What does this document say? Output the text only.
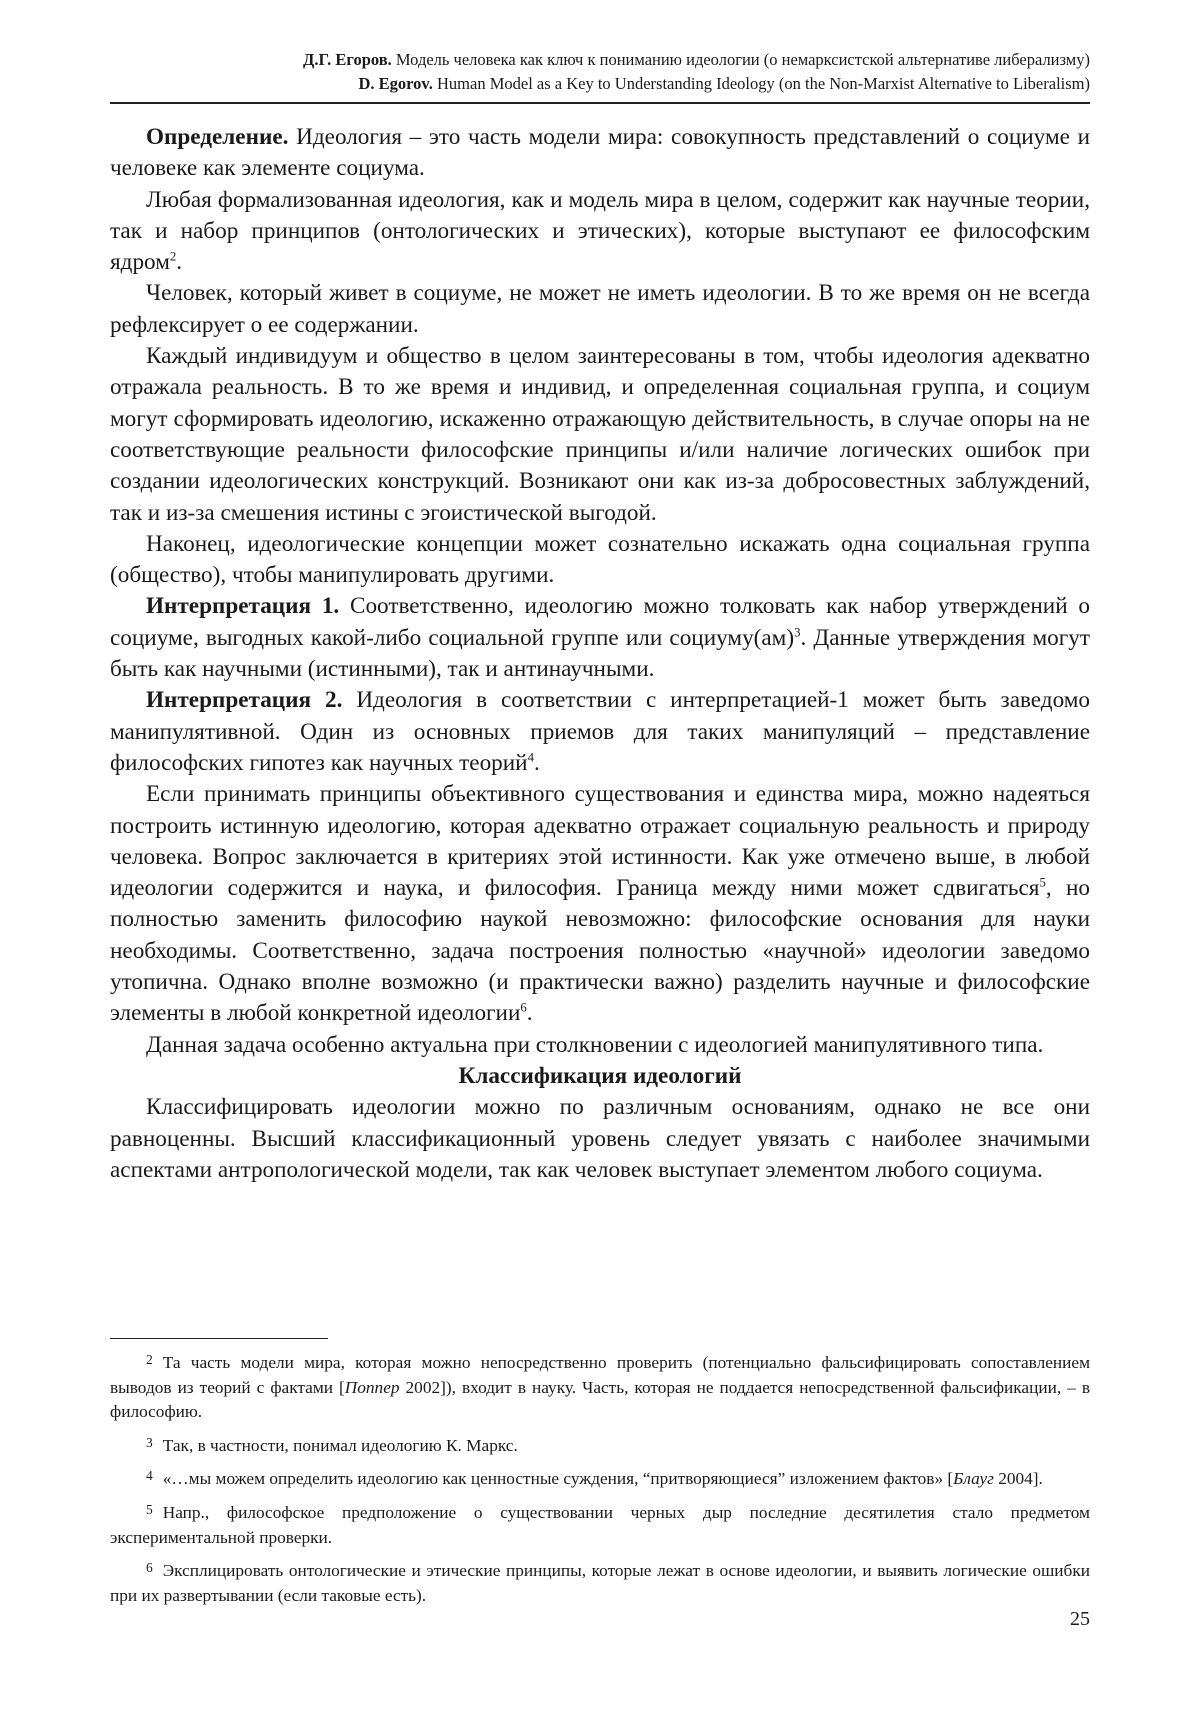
Д.Г. Егоров. Модель человека как ключ к пониманию идеологии (о немарксистской альтернативе либерализму)
D. Egorov. Human Model as a Key to Understanding Ideology (on the Non-Marxist Alternative to Liberalism)

Определение. Идеология – это часть модели мира: совокупность представлений о социуме и человеке как элементе социума.

Любая формализованная идеология, как и модель мира в целом, содержит как научные теории, так и набор принципов (онтологических и этических), которые выступают ее философским ядром$^2$.

Человек, который живет в социуме, не может не иметь идеологии. В то же время он не всегда рефлексирует о ее содержании.

Каждый индивидуум и общество в целом заинтересованы в том, чтобы идеология адекватно отражала реальность. В то же время и индивид, и определенная социальная группа, и социум могут сформировать идеологию, искаженно отражающую действительность, в случае опоры на не соответствующие реальности философские принципы и/или наличие логических ошибок при создании идеологических конструкций. Возникают они как из-за добросовестных заблуждений, так и из-за смешения истины с эгоистической выгодой.

Наконец, идеологические концепции может сознательно искажать одна социальная группа (общество), чтобы манипулировать другими.

Интерпретация 1. Соответственно, идеологию можно толковать как набор утверждений о социуме, выгодных какой-либо социальной группе или социуму(ам)$^3$. Данные утверждения могут быть как научными (истинными), так и антинаучными.

Интерпретация 2. Идеология в соответствии с интерпретацией-1 может быть заведомо манипулятивной. Один из основных приемов для таких манипуляций – представление философских гипотез как научных теорий$^4$.

Если принимать принципы объективного существования и единства мира, можно надеяться построить истинную идеологию, которая адекватно отражает социальную реальность и природу человека. Вопрос заключается в критериях этой истинности. Как уже отмечено выше, в любой идеологии содержится и наука, и философия. Граница между ними может сдвигаться$^5$, но полностью заменить философию наукой невозможно: философские основания для науки необходимы. Соответственно, задача построения полностью «научной» идеологии заведомо утопична. Однако вполне возможно (и практически важно) разделить научные и философские элементы в любой конкретной идеологии$^6$.

Данная задача особенно актуальна при столкновении с идеологией манипулятивного типа.

Классификация идеологий

Классифицировать идеологии можно по различным основаниям, однако не все они равноценны. Высший классификационный уровень следует увязать с наиболее значимыми аспектами антропологической модели, так как человек выступает элементом любого социума.

$^2$ Та часть модели мира, которая можно непосредственно проверить (потенциально фальсифицировать сопоставлением выводов из теорий с фактами [Поппер 2002]), входит в науку. Часть, которая не поддается непосредственной фальсификации, – в философию.

$^3$ Так, в частности, понимал идеологию К. Маркс.

$^4$ «…мы можем определить идеологию как ценностные суждения, “притворяющиеся” изложением фактов» [Блауг 2004].

$^5$ Напр., философское предположение о существовании черных дыр последние десятилетия стало предметом экспериментальной проверки.

$^6$ Эксплицировать онтологические и этические принципы, которые лежат в основе идеологии, и выявить логические ошибки при их развертывании (если таковые есть).

25
